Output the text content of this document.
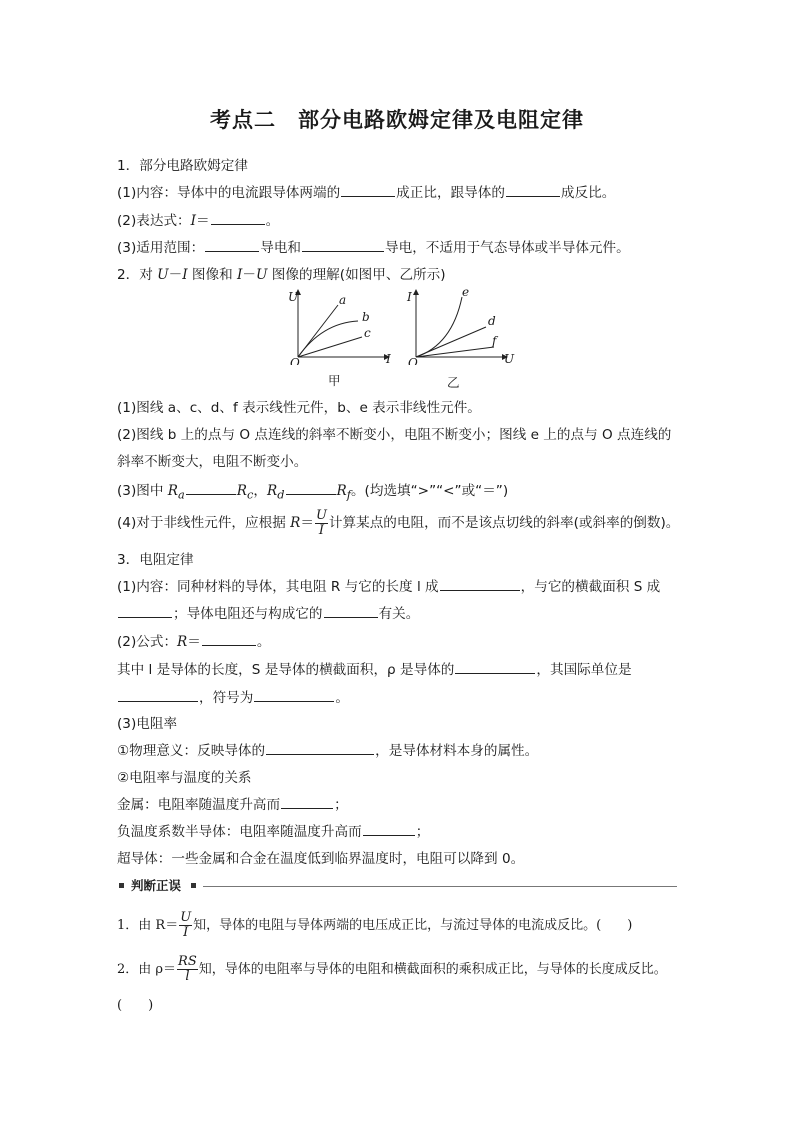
考点二 部分电路欧姆定律及电阻定律
1．部分电路欧姆定律
(1)内容：导体中的电流跟导体两端的	成正比，跟导体的	成反比。
(2)表达式：I＝	。
(3)适用范围：	导电和	导电，不适用于气态导体或半导体元件。
2．对 U－I 图像和 I－U 图像的理解(如图甲、乙所示)
U
I
O
a
b
c
甲
I
U
O
e
d
f
乙
(1)图线 a、c、d、f 表示线性元件，b、e 表示非线性元件。
(2)图线 b 上的点与 O 点连线的斜率不断变小，电阻不断变小；图线 e 上的点与 O 点连线的
斜率不断变大，电阻不断变小。
(3)图中 $R_a$	$R_c$，$R_d$	$R_f$。(均选填“>”“<”或“＝”)
(4)对于非线性元件，应根据 $R= \frac{U}{I}$ 计算某点的电阻，而不是该点切线的斜率(或斜率的倒数)。
3．电阻定律
(1)内容：同种材料的导体，其电阻 R 与它的长度 l 成	，与它的横截面积 S 成
；导体电阻还与构成它的	有关。
(2)公式：R＝	。
其中 l 是导体的长度，S 是导体的横截面积，ρ 是导体的	，其国际单位是
，符号为	。
(3)电阻率
①物理意义：反映导体的	，是导体材料本身的属性。
②电阻率与温度的关系
金属：电阻率随温度升高而	；
负温度系数半导体：电阻率随温度升高而	；
超导体：一些金属和合金在温度低到临界温度时，电阻可以降到 0。
判断正误
1．由 $R= \frac{U}{I}$ 知，导体的电阻与导体两端的电压成正比，与流过导体的电流成反比。(　　)
2．由 $\rho= \frac{RS}{l}$ 知，导体的电阻率与导体的电阻和横截面积的乘积成正比，与导体的长度成反比。
(　　)
